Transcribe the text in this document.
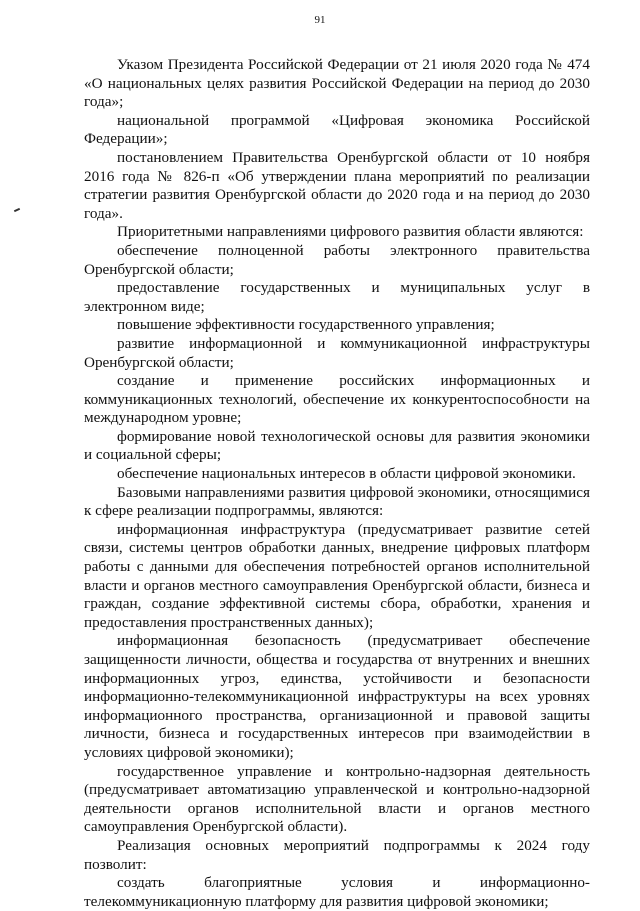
91

Указом Президента Российской Федерации от 21 июля 2020 года № 474 «О национальных целях развития Российской Федерации на период до 2030 года»;

национальной программой «Цифровая экономика Российской Федерации»;

постановлением Правительства Оренбургской области от 10 ноября 2016 года № 826-п «Об утверждении плана мероприятий по реализации стратегии развития Оренбургской области до 2020 года и на период до 2030 года».

Приоритетными направлениями цифрового развития области являются:

обеспечение полноценной работы электронного правительства Оренбургской области;

предоставление государственных и муниципальных услуг в электронном виде;

повышение эффективности государственного управления;

развитие информационной и коммуникационной инфраструктуры Оренбургской области;

создание и применение российских информационных и коммуникационных технологий, обеспечение их конкурентоспособности на международном уровне;

формирование новой технологической основы для развития экономики и социальной сферы;

обеспечение национальных интересов в области цифровой экономики.

Базовыми направлениями развития цифровой экономики, относящимися к сфере реализации подпрограммы, являются:

информационная инфраструктура (предусматривает развитие сетей связи, системы центров обработки данных, внедрение цифровых платформ работы с данными для обеспечения потребностей органов исполнительной власти и органов местного самоуправления Оренбургской области, бизнеса и граждан, создание эффективной системы сбора, обработки, хранения и предоставления пространственных данных);

информационная безопасность (предусматривает обеспечение защищенности личности, общества и государства от внутренних и внешних информационных угроз, единства, устойчивости и безопасности информационно-телекоммуникационной инфраструктуры на всех уровнях информационного пространства, организационной и правовой защиты личности, бизнеса и государственных интересов при взаимодействии в условиях цифровой экономики);

государственное управление и контрольно-надзорная деятельность (предусматривает автоматизацию управленческой и контрольно-надзорной деятельности органов исполнительной власти и органов местного самоуправления Оренбургской области).

Реализация основных мероприятий подпрограммы к 2024 году позволит:

создать благоприятные условия и информационно-телекоммуникационную платформу для развития цифровой экономики;
